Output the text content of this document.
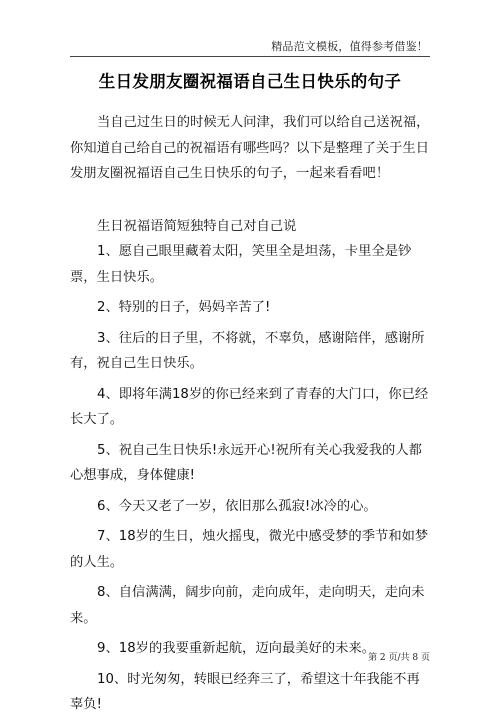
精品范文模板，值得参考借鉴！
生日发朋友圈祝福语自己生日快乐的句子

当自己过生日的时候无人问津，我们可以给自己送祝福，你知道自己给自己的祝福语有哪些吗？以下是整理了关于生日发朋友圈祝福语自己生日快乐的句子，一起来看看吧！

生日祝福语简短独特自己对自己说

1、愿自己眼里藏着太阳，笑里全是坦荡，卡里全是钞票，生日快乐。

2、特别的日子，妈妈辛苦了!

3、往后的日子里，不将就，不辜负，感谢陪伴，感谢所有，祝自己生日快乐。

4、即将年满18岁的你已经来到了青春的大门口，你已经长大了。

5、祝自己生日快乐!永远开心!祝所有关心我爱我的人都心想事成，身体健康!

6、今天又老了一岁，依旧那么孤寂!冰冷的心。

7、18岁的生日，烛火摇曳，微光中感受梦的季节和如梦的人生。

8、自信满满，阔步向前，走向成年，走向明天，走向未来。

9、18岁的我要重新起航，迈向最美好的未来。

10、时光匆匆，转眼已经奔三了，希望这十年我能不再辜负!

第 2 页/共 8 页
